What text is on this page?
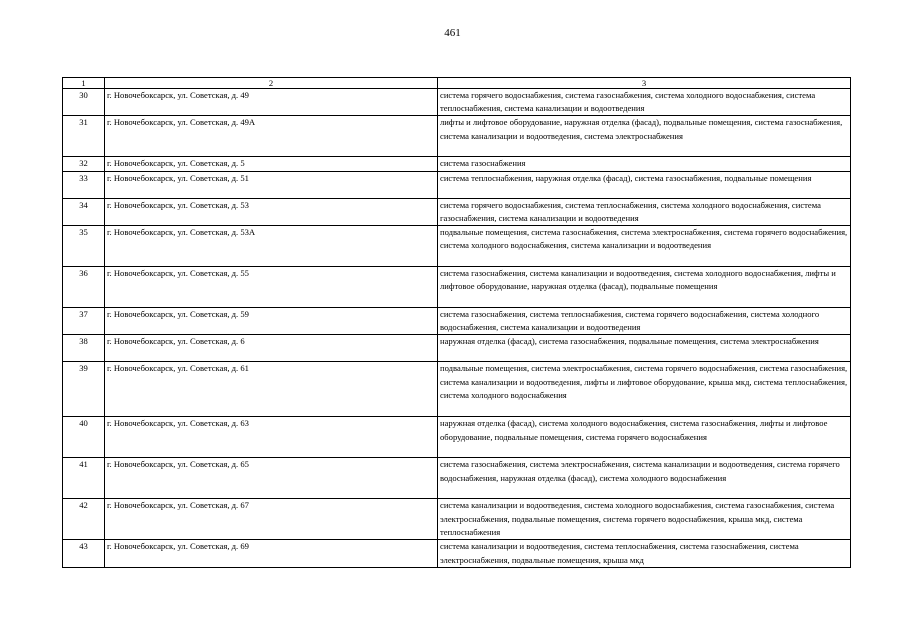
461
1	2	3
30	г. Новочебоксарск, ул. Советская, д. 49	система горячего водоснабжения, система газоснабжения, система холодного водоснабжения, система теплоснабжения, система канализации и водоотведения
31	г. Новочебоксарск, ул. Советская, д. 49А	лифты и лифтовое оборудование, наружная отделка (фасад), подвальные помещения, система газоснабжения, система канализации и водоотведения, система электроснабжения
32	г. Новочебоксарск, ул. Советская, д. 5	система газоснабжения
33	г. Новочебоксарск, ул. Советская, д. 51	система теплоснабжения, наружная отделка (фасад), система газоснабжения, подвальные помещения
34	г. Новочебоксарск, ул. Советская, д. 53	система горячего водоснабжения, система теплоснабжения, система холодного водоснабжения, система газоснабжения, система канализации и водоотведения
35	г. Новочебоксарск, ул. Советская, д. 53А	подвальные помещения, система газоснабжения, система электроснабжения, система горячего водоснабжения, система холодного водоснабжения, система канализации и водоотведения
36	г. Новочебоксарск, ул. Советская, д. 55	система газоснабжения, система канализации и водоотведения, система холодного водоснабжения, лифты и лифтовое оборудование, наружная отделка (фасад), подвальные помещения
37	г. Новочебоксарск, ул. Советская, д. 59	система газоснабжения, система теплоснабжения, система горячего водоснабжения, система холодного водоснабжения, система канализации и водоотведения
38	г. Новочебоксарск, ул. Советская, д. 6	наружная отделка (фасад), система газоснабжения, подвальные помещения, система электроснабжения
39	г. Новочебоксарск, ул. Советская, д. 61	подвальные помещения, система электроснабжения, система горячего водоснабжения, система газоснабжения, система канализации и водоотведения, лифты и лифтовое оборудование, крыша мкд, система теплоснабжения, система холодного водоснабжения
40	г. Новочебоксарск, ул. Советская, д. 63	наружная отделка (фасад), система холодного водоснабжения, система газоснабжения, лифты и лифтовое оборудование, подвальные помещения, система горячего водоснабжения
41	г. Новочебоксарск, ул. Советская, д. 65	система газоснабжения, система электроснабжения, система канализации и водоотведения, система горячего водоснабжения, наружная отделка (фасад), система холодного водоснабжения
42	г. Новочебоксарск, ул. Советская, д. 67	система канализации и водоотведения, система холодного водоснабжения, система газоснабжения, система электроснабжения, подвальные помещения, система горячего водоснабжения, крыша мкд, система теплоснабжения
43	г. Новочебоксарск, ул. Советская, д. 69	система канализации и водоотведения, система теплоснабжения, система газоснабжения, система электроснабжения, подвальные помещения, крыша мкд
